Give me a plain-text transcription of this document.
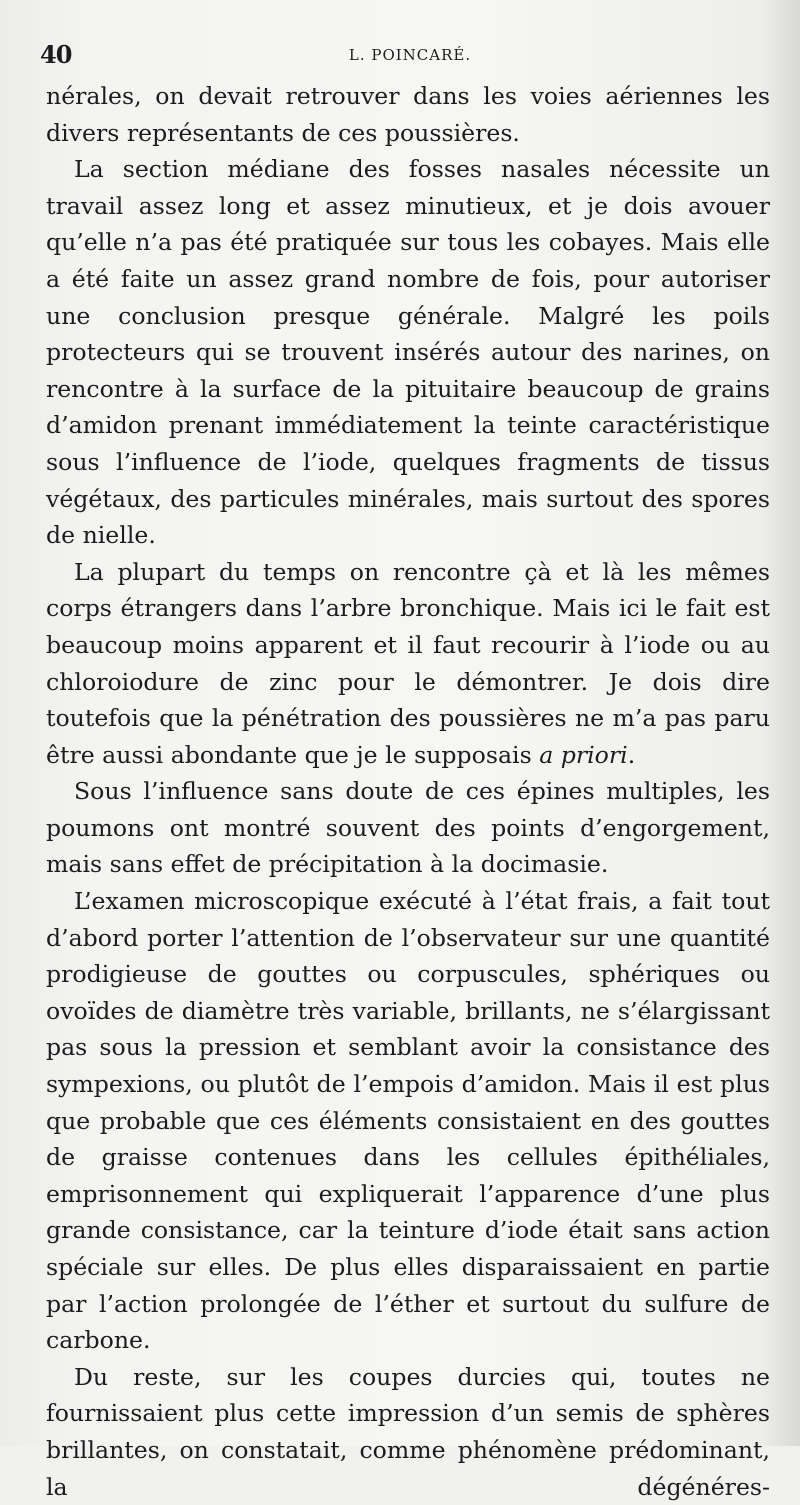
40	L. POINCARÉ.

nérales, on devait retrouver dans les voies aériennes les divers représentants de ces poussières.

La section médiane des fosses nasales nécessite un travail assez long et assez minutieux, et je dois avouer qu’elle n’a pas été pratiquée sur tous les cobayes. Mais elle a été faite un assez grand nombre de fois, pour autoriser une conclusion presque générale. Malgré les poils protecteurs qui se trouvent insérés autour des narines, on rencontre à la surface de la pituitaire beaucoup de grains d’amidon prenant immédiatement la teinte caractéristique sous l’influence de l’iode, quelques fragments de tissus végétaux, des particules minérales, mais surtout des spores de nielle.

La plupart du temps on rencontre çà et là les mêmes corps étrangers dans l’arbre bronchique. Mais ici le fait est beaucoup moins apparent et il faut recourir à l’iode ou au chloroiodure de zinc pour le démontrer. Je dois dire toutefois que la pénétration des poussières ne m’a pas paru être aussi abondante que je le supposais a priori.

Sous l’influence sans doute de ces épines multiples, les poumons ont montré souvent des points d’engorgement, mais sans effet de précipitation à la docimasie.

L’examen microscopique exécuté à l’état frais, a fait tout d’abord porter l’attention de l’observateur sur une quantité prodigieuse de gouttes ou corpuscules, sphériques ou ovoïdes de diamètre très variable, brillants, ne s’élargissant pas sous la pression et semblant avoir la consistance des sympexions, ou plutôt de l’empois d’amidon. Mais il est plus que probable que ces éléments consistaient en des gouttes de graisse contenues dans les cellules épithéliales, emprisonnement qui expliquerait l’apparence d’une plus grande consistance, car la teinture d’iode était sans action spéciale sur elles. De plus elles disparaissaient en partie par l’action prolongée de l’éther et surtout du sulfure de carbone.

Du reste, sur les coupes durcies qui, toutes ne fournissaient plus cette impression d’un semis de sphères brillantes, on constatait, comme phénomène prédominant, la dégénéres-
